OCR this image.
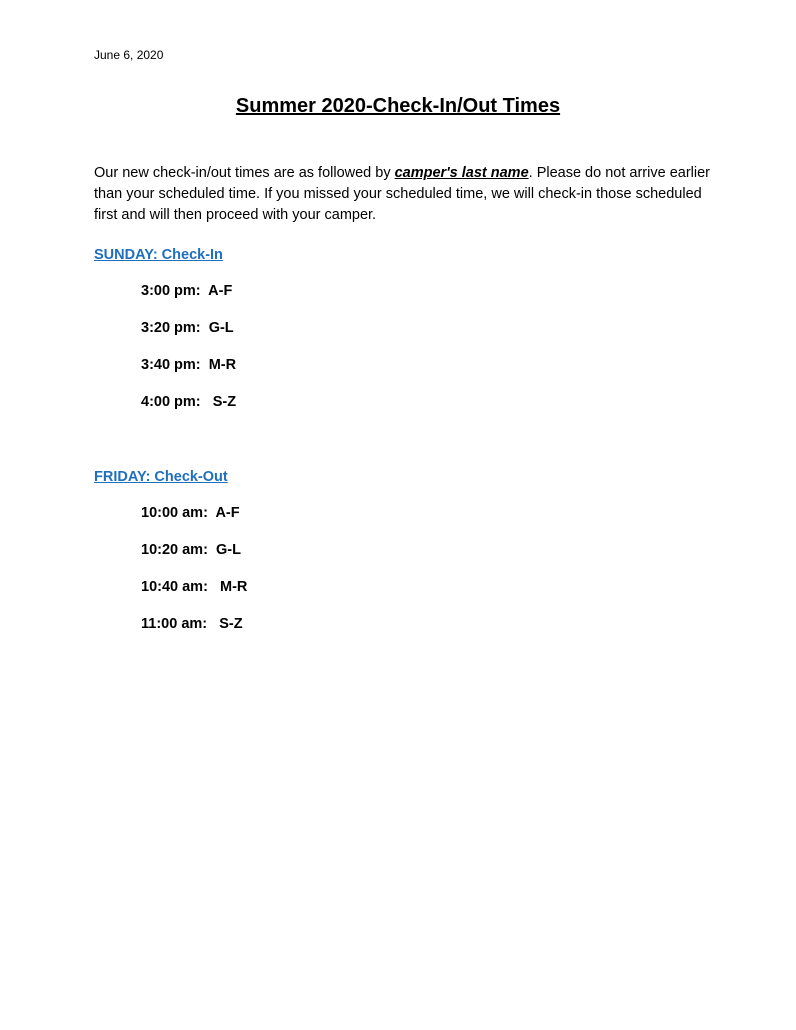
June 6, 2020
Summer 2020-Check-In/Out Times

Our new check-in/out times are as followed by camper's last name. Please do not arrive earlier than your scheduled time. If you missed your scheduled time, we will check-in those scheduled first and will then proceed with your camper.

SUNDAY: Check-In
3:00 pm: A-F
3:20 pm: G-L
3:40 pm: M-R
4:00 pm: S-Z
FRIDAY: Check-Out
10:00 am: A-F
10:20 am: G-L
10:40 am: M-R
11:00 am: S-Z
